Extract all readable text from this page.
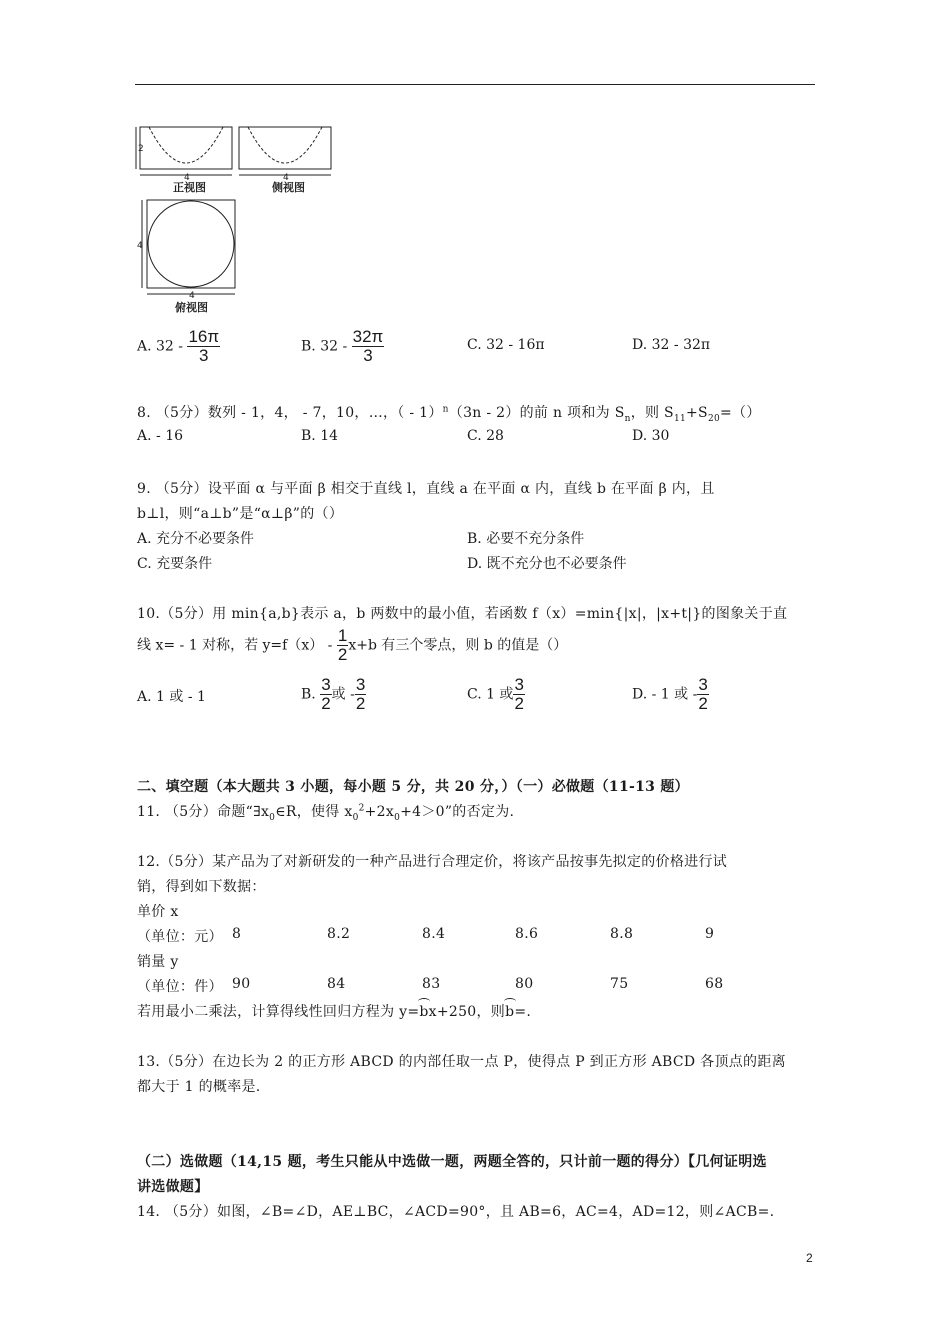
2
4	4
4
4
正视图	侧视图
俯视图
A. $32 - \frac{16\pi}{3}$	B. $32 - \frac{32\pi}{3}$	C. 32 - 16π	D. 32 - 32π
8. （5分）数列 - 1，4， - 7，10，…，（ - 1）$^n$（3n - 2）的前 n 项和为 $S_n$，则 $S_{11}+S_{20}=()$
A. - 16	B. 14	C. 28	D. 30
9. （5分）设平面 α 与平面 β 相交于直线 l，直线 a 在平面 α 内，直线 b 在平面 β 内，且
b⊥l，则“a⊥b”是“α⊥β”的（）
A. 充分不必要条件	B. 必要不充分条件
C. 充要条件	D. 既不充分也不必要条件
10.（5分）用 min{a,b}表示 a，b 两数中的最小值，若函数 f（x）=min{|x|，|x+t|}的图象关于直
线 x= - 1 对称，若 $y=f(x) - \frac{1}{2} x+b$ 有三个零点，则 b 的值是（）
A. 1 或 - 1	B. $\frac{3}{2}$ 或 - $\frac{3}{2}$	C. 1 或 $\frac{3}{2}$	D. - 1 或 - $\frac{3}{2}$
二、填空题（本大题共 3 小题，每小题 5 分，共 20 分，）（一）必做题（11-13 题）
11. （5分）命题“$\exists x_0\in R$，使得 $x_0^2+2x_0+4>0$”的否定为.
12.（5分）某产品为了对新研发的一种产品进行合理定价，将该产品按事先拟定的价格进行试
销，得到如下数据：
单价 x
（单位：元） 8	8.2	8.4	8.6	8.8	9
销量 y
（单位：件） 90	84	83	80	75	68
若用最小二乘法，计算得线性回归方程为 y=bx+250，则b=.
13.（5分）在边长为 2 的正方形 ABCD 的内部任取一点 P，使得点 P 到正方形 ABCD 各顶点的距离
都大于 1 的概率是.
（二）选做题（14,15 题，考生只能从中选做一题，两题全答的，只计前一题的得分）【几何证明选
讲选做题】
14. （5分）如图，∠B=∠D，AE⊥BC，∠ACD=90°，且 AB=6，AC=4，AD=12，则∠ACB=.
2
